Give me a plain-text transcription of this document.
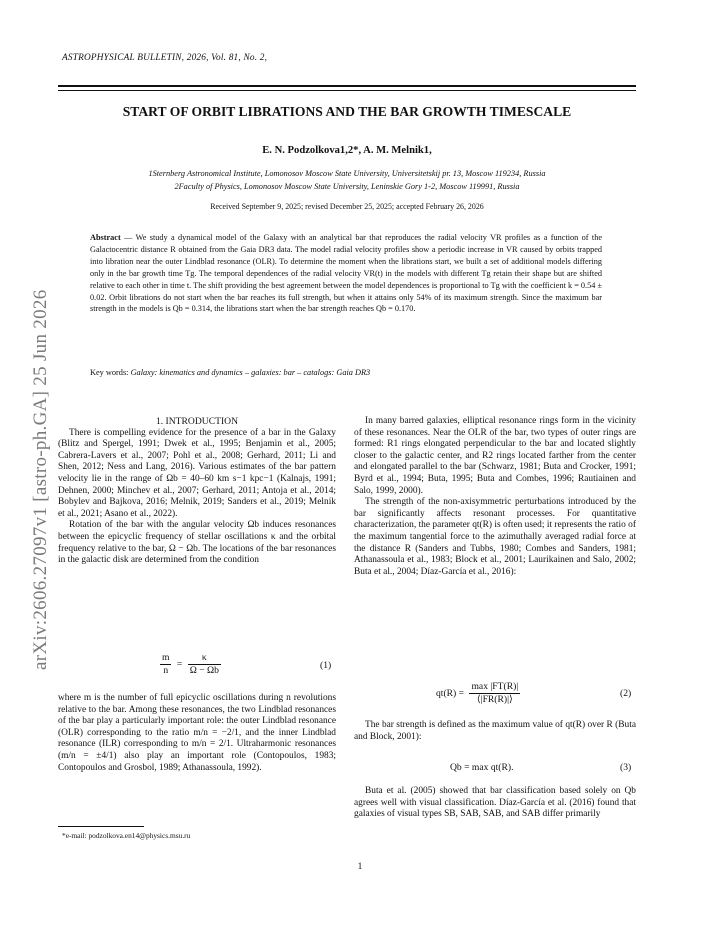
ASTROPHYSICAL BULLETIN, 2026, Vol. 81, No. 2,
START OF ORBIT LIBRATIONS AND THE BAR GROWTH TIMESCALE
E. N. Podzolkova1,2*, A. M. Melnik1,
1Sternberg Astronomical Institute, Lomonosov Moscow State University, Universitetskij pr. 13, Moscow 119234, Russia
2Faculty of Physics, Lomonosov Moscow State University, Leninskie Gory 1-2, Moscow 119991, Russia
Received September 9, 2025; revised December 25, 2025; accepted February 26, 2026
Abstract — We study a dynamical model of the Galaxy with an analytical bar that reproduces the radial velocity VR profiles as a function of the Galactocentric distance R obtained from the Gaia DR3 data. The model radial velocity profiles show a periodic increase in VR caused by orbits trapped into libration near the outer Lindblad resonance (OLR). To determine the moment when the librations start, we built a set of additional models differing only in the bar growth time Tg. The temporal dependences of the radial velocity VR(t) in the models with different Tg retain their shape but are shifted relative to each other in time t. The shift providing the best agreement between the model dependences is proportional to Tg with the coefficient k = 0.54 ± 0.02. Orbit librations do not start when the bar reaches its full strength, but when it attains only 54% of its maximum strength. Since the maximum bar strength in the models is Qb = 0.314, the librations start when the bar strength reaches Qb = 0.170.
Key words: Galaxy: kinematics and dynamics – galaxies: bar – catalogs: Gaia DR3
arXiv:2606.27097v1 [astro-ph.GA] 25 Jun 2026	1. INTRODUCTION

There is compelling evidence for the presence of a bar in the Galaxy (Blitz and Spergel, 1991; Dwek et al., 1995; Benjamin et al., 2005; Cabrera-Lavers et al., 2007; Pohl et al., 2008; Gerhard, 2011; Li and Shen, 2012; Ness and Lang, 2016). Various estimates of the bar pattern velocity lie in the range of Ωb = 40–60 km s−1 kpc−1 (Kalnajs, 1991; Dehnen, 2000; Minchev et al., 2007; Gerhard, 2011; Antoja et al., 2014; Bobylev and Bajkova, 2016; Melnik, 2019; Sanders et al., 2019; Melnik et al., 2021; Asano et al., 2022).

Rotation of the bar with the angular velocity Ωb induces resonances between the epicyclic frequency of stellar oscillations κ and the orbital frequency relative to the bar, Ω − Ωb. The locations of the bar resonances in the galactic disk are determined from the condition

$\frac{m}{n} = \frac{\kappa}{\Omega - \Omega b}$	(1)

where m is the number of full epicyclic oscillations during n revolutions relative to the bar. Among these resonances, the two Lindblad resonances of the bar play a particularly important role: the outer Lindblad resonance (OLR) corresponding to the ratio m/n = −2/1, and the inner Lindblad resonance (ILR) corresponding to m/n = 2/1. Ultraharmonic resonances (m/n = ±4/1) also play an important role (Contopoulos, 1983; Contopoulos and Grosbol, 1989; Athanassoula, 1992).

*e-mail: podzolkova.en14@physics.msu.ru

In many barred galaxies, elliptical resonance rings form in the vicinity of these resonances. Near the OLR of the bar, two types of outer rings are formed: R1 rings elongated perpendicular to the bar and located slightly closer to the galactic center, and R2 rings located farther from the center and elongated parallel to the bar (Schwarz, 1981; Buta and Crocker, 1991; Byrd et al., 1994; Buta, 1995; Buta and Combes, 1996; Rautiainen and Salo, 1999, 2000).

The strength of the non-axisymmetric perturbations introduced by the bar significantly affects resonant processes. For quantitative characterization, the parameter qt(R) is often used; it represents the ratio of the maximum tangential force to the azimuthally averaged radial force at the distance R (Sanders and Tubbs, 1980; Combes and Sanders, 1981; Athanassoula et al., 1983; Block et al., 2001; Laurikainen and Salo, 2002; Buta et al., 2004; Díaz-García et al., 2016):

$qt(R) = \frac{\max |FT(R)|}{⟨|FR(R)|⟩}$	(2)

The bar strength is defined as the maximum value of qt(R) over R (Buta and Block, 2001):

Qb = max qt(R).	(3)

Buta et al. (2005) showed that bar classification based solely on Qb agrees well with visual classification. Díaz-García et al. (2016) found that galaxies of visual types SB, SAB, SAB, and SAB differ primarily

1
